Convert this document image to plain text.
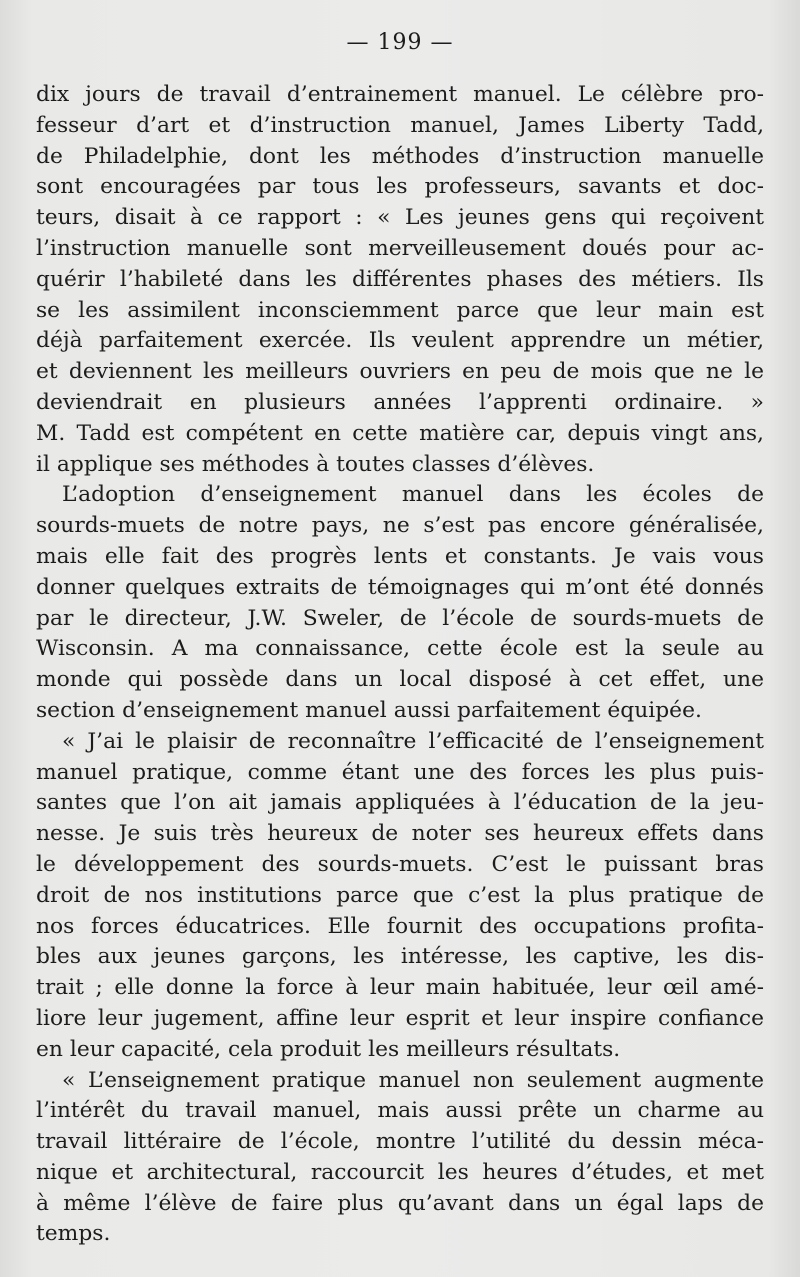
— 199 —
dix jours de travail d’entrainement manuel. Le célèbre pro-
fesseur d’art et d’instruction manuel, James Liberty Tadd,
de Philadelphie, dont les méthodes d’instruction manuelle
sont encouragées par tous les professeurs, savants et doc-
teurs, disait à ce rapport : « Les jeunes gens qui reçoivent
l’instruction manuelle sont merveilleusement doués pour ac-
quérir l’habileté dans les différentes phases des métiers. Ils
se les assimilent inconsciemment parce que leur main est
déjà parfaitement exercée. Ils veulent apprendre un métier,
et deviennent les meilleurs ouvriers en peu de mois que ne le
deviendrait en plusieurs années l’apprenti ordinaire. »
M. Tadd est compétent en cette matière car, depuis vingt ans,
il applique ses méthodes à toutes classes d’élèves.
L’adoption d’enseignement manuel dans les écoles de
sourds-muets de notre pays, ne s’est pas encore généralisée,
mais elle fait des progrès lents et constants. Je vais vous
donner quelques extraits de témoignages qui m’ont été donnés
par le directeur, J.W. Sweler, de l’école de sourds-muets de
Wisconsin. A ma connaissance, cette école est la seule au
monde qui possède dans un local disposé à cet effet, une
section d’enseignement manuel aussi parfaitement équipée.
« J’ai le plaisir de reconnaître l’efficacité de l’enseignement
manuel pratique, comme étant une des forces les plus puis-
santes que l’on ait jamais appliquées à l’éducation de la jeu-
nesse. Je suis très heureux de noter ses heureux effets dans
le développement des sourds-muets. C’est le puissant bras
droit de nos institutions parce que c’est la plus pratique de
nos forces éducatrices. Elle fournit des occupations profita-
bles aux jeunes garçons, les intéresse, les captive, les dis-
trait ; elle donne la force à leur main habituée, leur œil amé-
liore leur jugement, affine leur esprit et leur inspire confiance
en leur capacité, cela produit les meilleurs résultats.
« L’enseignement pratique manuel non seulement augmente
l’intérêt du travail manuel, mais aussi prête un charme au
travail littéraire de l’école, montre l’utilité du dessin méca-
nique et architectural, raccourcit les heures d’études, et met
à même l’élève de faire plus qu’avant dans un égal laps de
temps.
